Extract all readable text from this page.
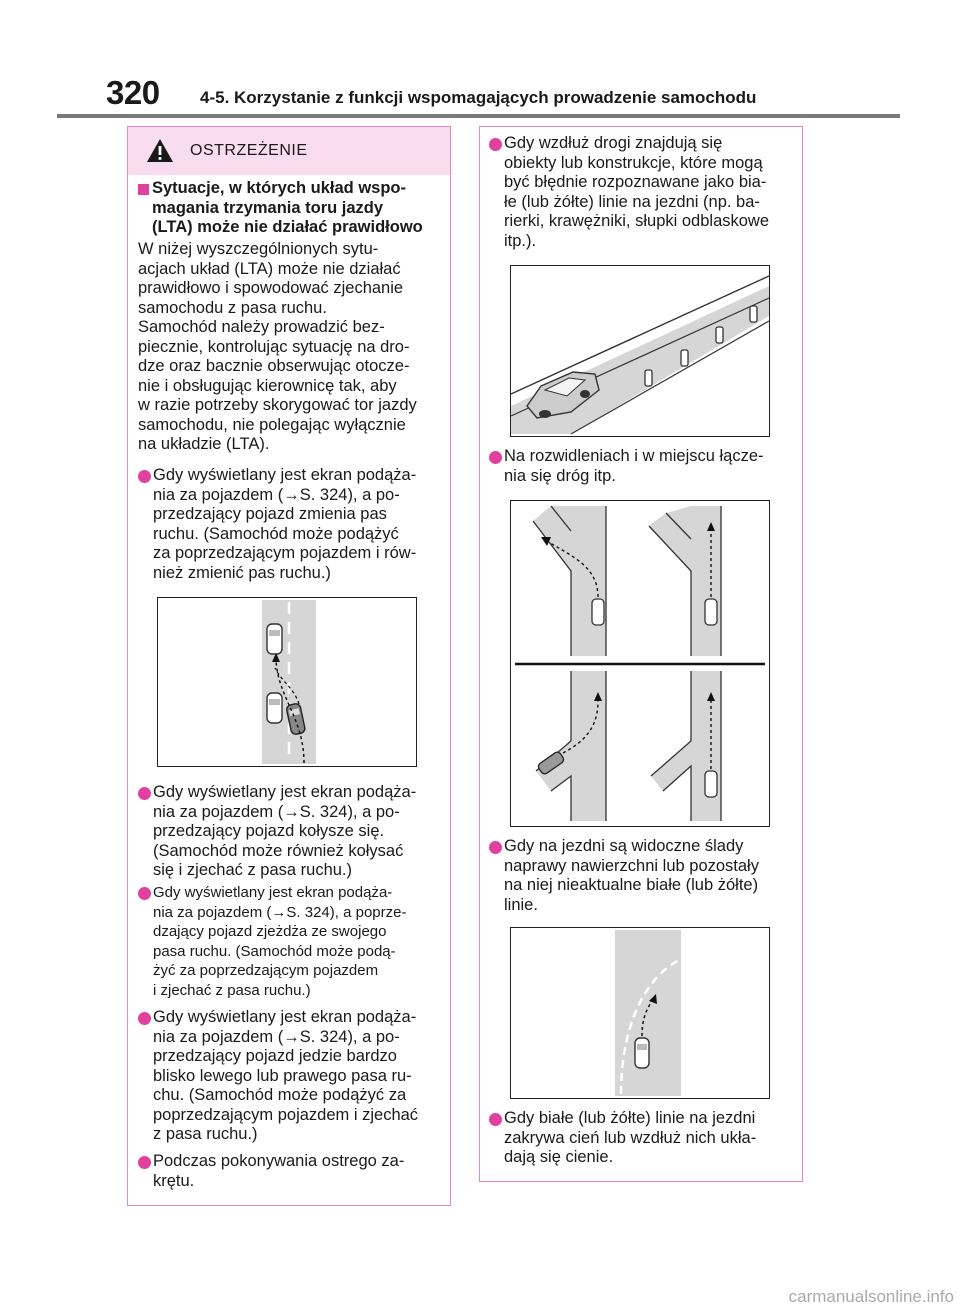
320 4-5. Korzystanie z funkcji wspomagających prowadzenie samochodu
OSTRZEŻENIE
Sytuacje, w których układ wspo-
magania trzymania toru jazdy
(LTA) może nie działać prawidłowo
W niżej wyszczególnionych sytu-
acjach układ (LTA) może nie działać
prawidłowo i spowodować zjechanie
samochodu z pasa ruchu.
Samochód należy prowadzić bez-
piecznie, kontrolując sytuację na dro-
dze oraz bacznie obserwując otocze-
nie i obsługując kierownicę tak, aby
w razie potrzeby skorygować tor jazdy
samochodu, nie polegając wyłącznie
na układzie (LTA).
Gdy wyświetlany jest ekran podąża-
nia za pojazdem (→S. 324), a po-
przedzający pojazd zmienia pas
ruchu. (Samochód może podążyć
za poprzedzającym pojazdem i rów-
nież zmienić pas ruchu.)
Gdy wyświetlany jest ekran podąża-
nia za pojazdem (→S. 324), a po-
przedzający pojazd kołysze się.
(Samochód może również kołysać
się i zjechać z pasa ruchu.)
Gdy wyświetlany jest ekran podąża-
nia za pojazdem (→S. 324), a poprze-
dzający pojazd zjeżdża ze swojego
pasa ruchu. (Samochód może podą-
żyć za poprzedzającym pojazdem
i zjechać z pasa ruchu.)
Gdy wyświetlany jest ekran podąża-
nia za pojazdem (→S. 324), a po-
przedzający pojazd jedzie bardzo
blisko lewego lub prawego pasa ru-
chu. (Samochód może podążyć za
poprzedzającym pojazdem i zjechać
z pasa ruchu.)
Podczas pokonywania ostrego za-
krętu.
Gdy wzdłuż drogi znajdują się
obiekty lub konstrukcje, które mogą
być błędnie rozpoznawane jako bia-
łe (lub żółte) linie na jezdni (np. ba-
rierki, krawężniki, słupki odblaskowe
itp.).
Na rozwidleniach i w miejscu łącze-
nia się dróg itp.
Gdy na jezdni są widoczne ślady
naprawy nawierzchni lub pozostały
na niej nieaktualne białe (lub żółte)
linie.
Gdy białe (lub żółte) linie na jezdni
zakrywa cień lub wzdłuż nich ukła-
dają się cienie.
carmanualsonline.info
